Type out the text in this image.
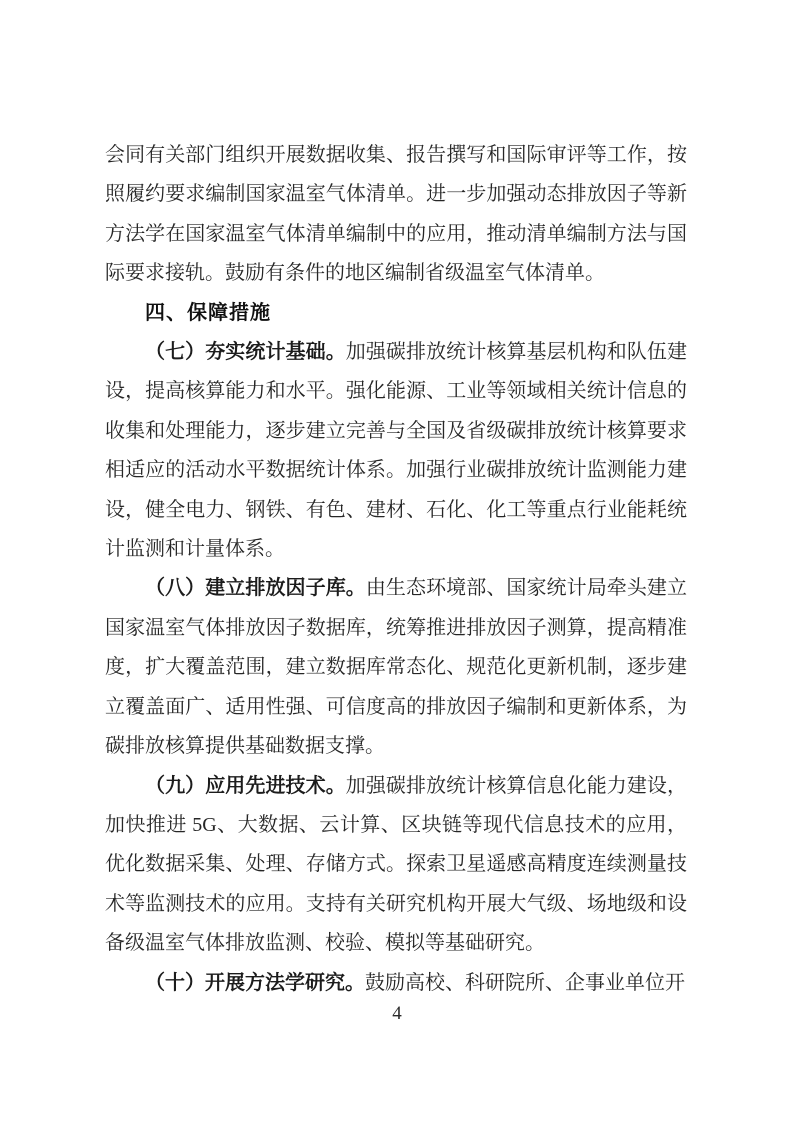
会同有关部门组织开展数据收集、报告撰写和国际审评等工作，按照履约要求编制国家温室气体清单。进一步加强动态排放因子等新方法学在国家温室气体清单编制中的应用，推动清单编制方法与国际要求接轨。鼓励有条件的地区编制省级温室气体清单。

四、保障措施

（七）夯实统计基础。加强碳排放统计核算基层机构和队伍建设，提高核算能力和水平。强化能源、工业等领域相关统计信息的收集和处理能力，逐步建立完善与全国及省级碳排放统计核算要求相适应的活动水平数据统计体系。加强行业碳排放统计监测能力建设，健全电力、钢铁、有色、建材、石化、化工等重点行业能耗统计监测和计量体系。

（八）建立排放因子库。由生态环境部、国家统计局牵头建立国家温室气体排放因子数据库，统筹推进排放因子测算，提高精准度，扩大覆盖范围，建立数据库常态化、规范化更新机制，逐步建立覆盖面广、适用性强、可信度高的排放因子编制和更新体系，为碳排放核算提供基础数据支撑。

（九）应用先进技术。加强碳排放统计核算信息化能力建设，加快推进 5G、大数据、云计算、区块链等现代信息技术的应用，优化数据采集、处理、存储方式。探索卫星遥感高精度连续测量技术等监测技术的应用。支持有关研究机构开展大气级、场地级和设备级温室气体排放监测、校验、模拟等基础研究。

（十）开展方法学研究。鼓励高校、科研院所、企事业单位开

4
